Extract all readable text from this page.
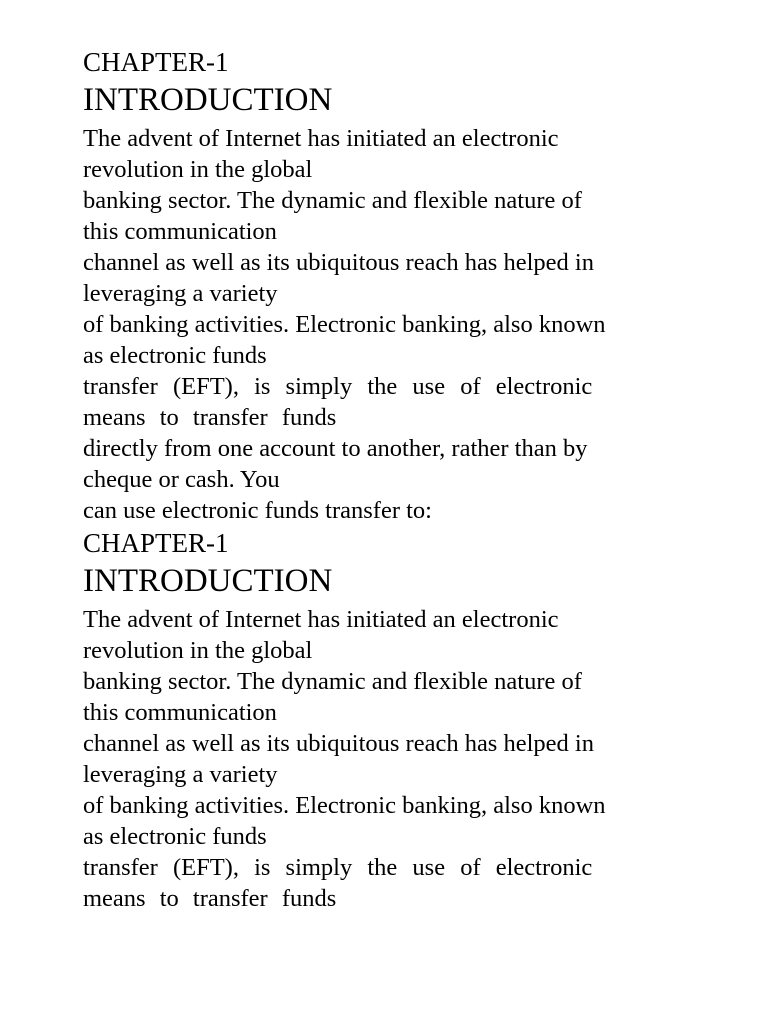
CHAPTER-1
INTRODUCTION
The advent of Internet has initiated an electronic
revolution in the global
banking sector. The dynamic and flexible nature of
this communication
channel as well as its ubiquitous reach has helped in
leveraging a variety
of banking activities. Electronic banking, also known
as electronic funds
transfer (EFT), is simply the use of electronic
means to transfer funds
directly from one account to another, rather than by
cheque or cash. You
can use electronic funds transfer to:
CHAPTER-1
INTRODUCTION
The advent of Internet has initiated an electronic
revolution in the global
banking sector. The dynamic and flexible nature of
this communication
channel as well as its ubiquitous reach has helped in
leveraging a variety
of banking activities. Electronic banking, also known
as electronic funds
transfer (EFT), is simply the use of electronic
means to transfer funds
